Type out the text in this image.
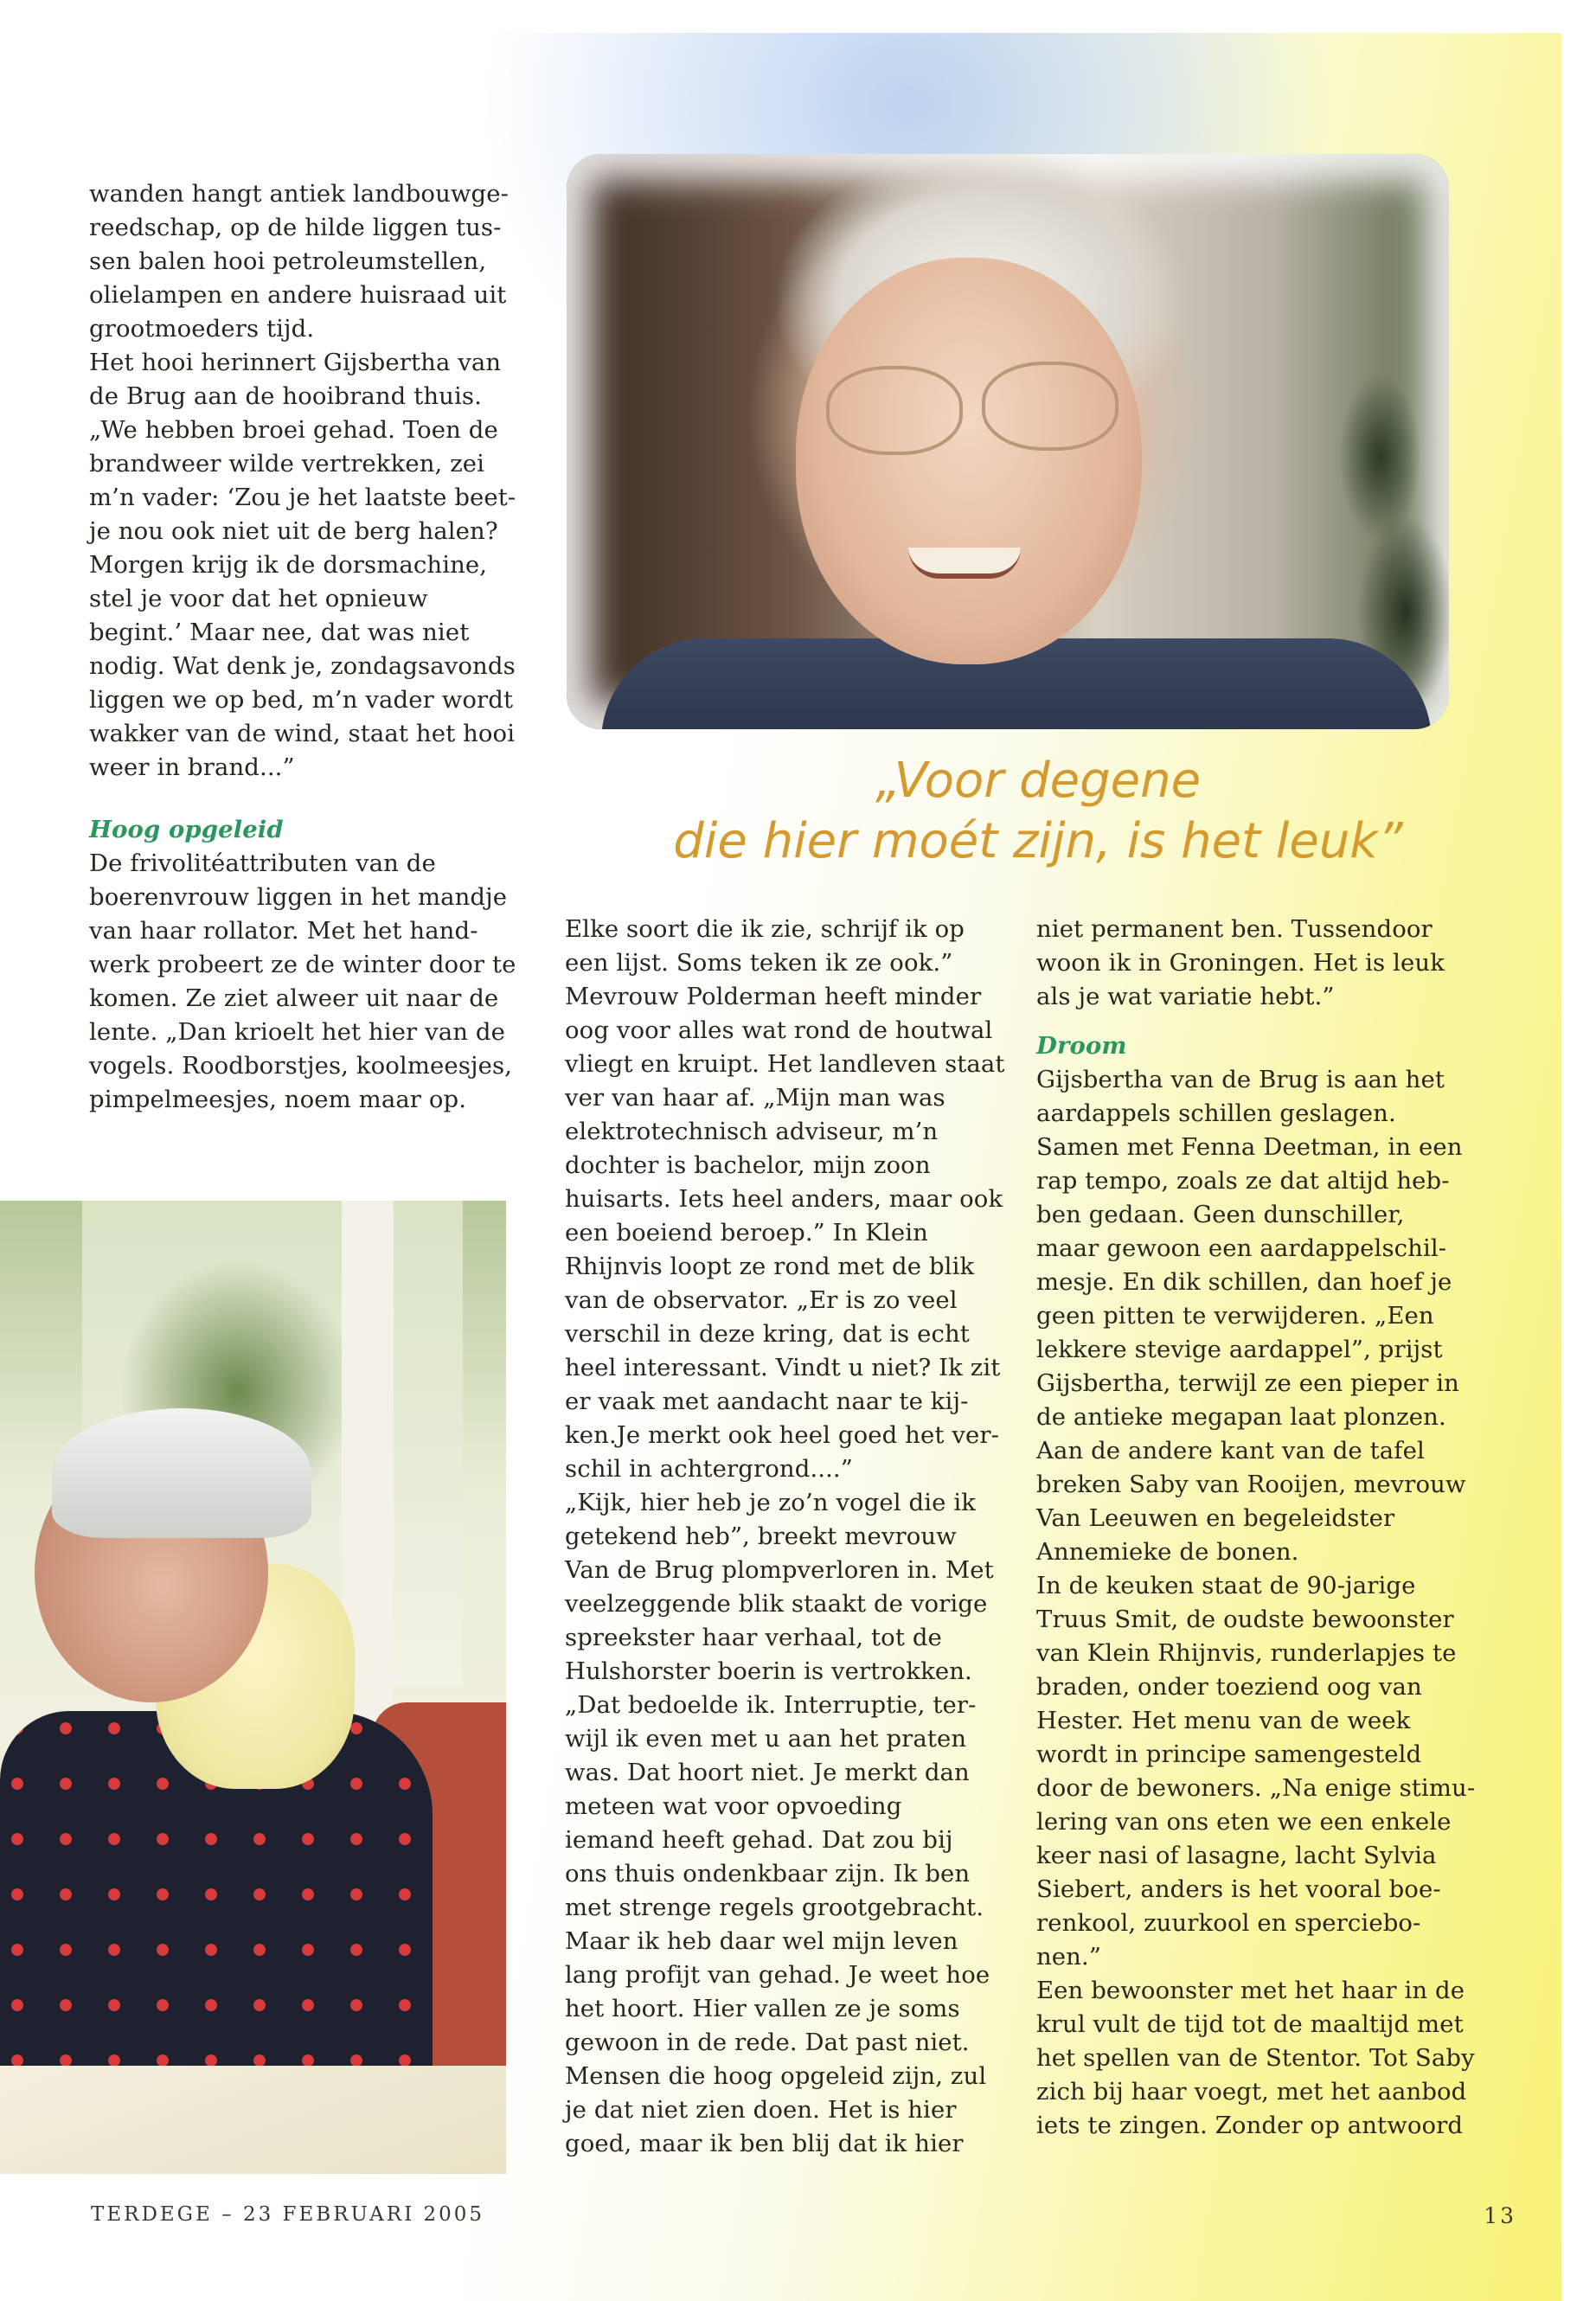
wanden hangt antiek landbouwge-

reedschap, op de hilde liggen tus-

sen balen hooi petroleumstellen,

olielampen en andere huisraad uit

grootmoeders tijd.

Het hooi herinnert Gijsbertha van

de Brug aan de hooibrand thuis.

„We hebben broei gehad. Toen de

brandweer wilde vertrekken, zei

m’n vader: ‘Zou je het laatste beet-

je nou ook niet uit de berg halen?

Morgen krijg ik de dorsmachine,

stel je voor dat het opnieuw

begint.’ Maar nee, dat was niet

nodig. Wat denk je, zondagsavonds

liggen we op bed, m’n vader wordt

wakker van de wind, staat het hooi

weer in brand...”

Hoog opgeleid

De frivolitéattributen van de

boerenvrouw liggen in het mandje

van haar rollator. Met het hand-

werk probeert ze de winter door te

komen. Ze ziet alweer uit naar de

lente. „Dan krioelt het hier van de

vogels. Roodborstjes, koolmeesjes,

pimpelmeesjes, noem maar op.

„Voor degene
die hier moét zijn, is het leuk”

Elke soort die ik zie, schrijf ik op

een lijst. Soms teken ik ze ook.”

Mevrouw Polderman heeft minder

oog voor alles wat rond de houtwal

vliegt en kruipt. Het landleven staat

ver van haar af. „Mijn man was

elektrotechnisch adviseur, m’n

dochter is bachelor, mijn zoon

huisarts. Iets heel anders, maar ook

een boeiend beroep.” In Klein

Rhijnvis loopt ze rond met de blik

van de observator. „Er is zo veel

verschil in deze kring, dat is echt

heel interessant. Vindt u niet? Ik zit

er vaak met aandacht naar te kij-

ken.Je merkt ook heel goed het ver-

schil in achtergrond....”

„Kijk, hier heb je zo’n vogel die ik

getekend heb”, breekt mevrouw

Van de Brug plompverloren in. Met

veelzeggende blik staakt de vorige

spreekster haar verhaal, tot de

Hulshorster boerin is vertrokken.

„Dat bedoelde ik. Interruptie, ter-

wijl ik even met u aan het praten

was. Dat hoort niet. Je merkt dan

meteen wat voor opvoeding

iemand heeft gehad. Dat zou bij

ons thuis ondenkbaar zijn. Ik ben

met strenge regels grootgebracht.

Maar ik heb daar wel mijn leven

lang profijt van gehad. Je weet hoe

het hoort. Hier vallen ze je soms

gewoon in de rede. Dat past niet.

Mensen die hoog opgeleid zijn, zul

je dat niet zien doen. Het is hier

goed, maar ik ben blij dat ik hier

niet permanent ben. Tussendoor

woon ik in Groningen. Het is leuk

als je wat variatie hebt.”

Droom

Gijsbertha van de Brug is aan het

aardappels schillen geslagen.

Samen met Fenna Deetman, in een

rap tempo, zoals ze dat altijd heb-

ben gedaan. Geen dunschiller,

maar gewoon een aardappelschil-

mesje. En dik schillen, dan hoef je

geen pitten te verwijderen. „Een

lekkere stevige aardappel”, prijst

Gijsbertha, terwijl ze een pieper in

de antieke megapan laat plonzen.

Aan de andere kant van de tafel

breken Saby van Rooijen, mevrouw

Van Leeuwen en begeleidster

Annemieke de bonen.

In de keuken staat de 90-jarige

Truus Smit, de oudste bewoonster

van Klein Rhijnvis, runderlapjes te

braden, onder toeziend oog van

Hester. Het menu van de week

wordt in principe samengesteld

door de bewoners. „Na enige stimu-

lering van ons eten we een enkele

keer nasi of lasagne, lacht Sylvia

Siebert, anders is het vooral boe-

renkool, zuurkool en sperciebo-

nen.”

Een bewoonster met het haar in de

krul vult de tijd tot de maaltijd met

het spellen van de Stentor. Tot Saby

zich bij haar voegt, met het aanbod

iets te zingen. Zonder op antwoord

TERDEGE – 23 FEBRUARI 2005	13
